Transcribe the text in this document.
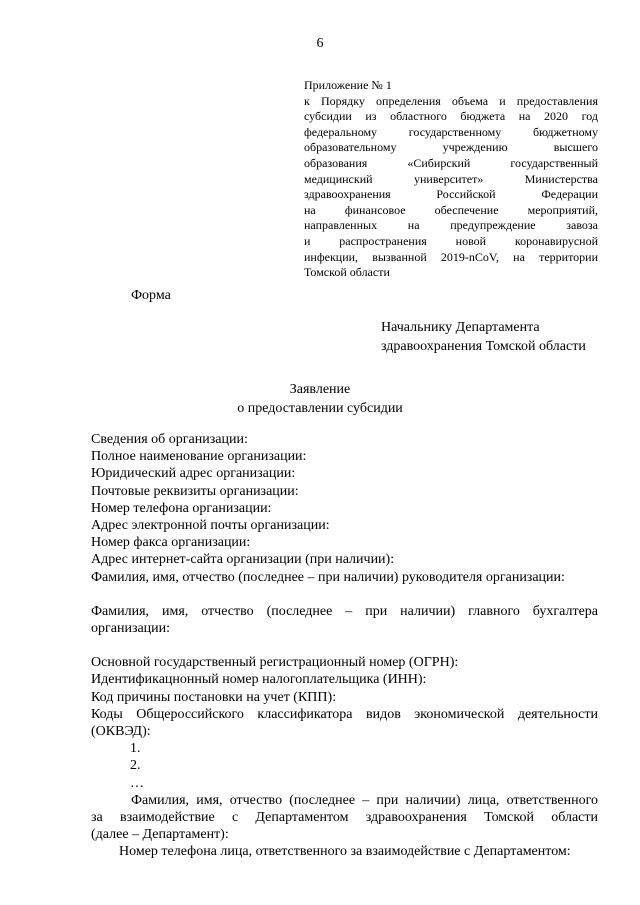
6
Приложение № 1
к Порядку определения объема и предоставления
субсидии из областного бюджета на 2020 год
федеральному государственному бюджетному
образовательному учреждению высшего
образования «Сибирский государственный
медицинский университет» Министерства
здравоохранения Российской Федерации
на финансовое обеспечение мероприятий,
направленных на предупреждение завоза
и распространения новой коронавирусной
инфекции, вызванной 2019-nCoV, на территории
Томской области
Форма
Начальнику Департамента
здравоохранения Томской области
Заявление
о предоставлении субсидии
Сведения об организации:
Полное наименование организации:
Юридический адрес организации:
Почтовые реквизиты организации:
Номер телефона организации:
Адрес электронной почты организации:
Номер факса организации:
Адрес интернет-сайта организации (при наличии):
Фамилия, имя, отчество (последнее – при наличии) руководителя организации:
Фамилия, имя, отчество (последнее – при наличии) главного бухгалтера
организации:
Основной государственный регистрационный номер (ОГРН):
Идентификацнонный номер налогоплательщика (ИНН):
Код причины постановки на учет (КПП):
Коды Общероссийского классификатора видов экономической деятельности
(ОКВЭД):
1.
2.
…
Фамилия, имя, отчество (последнее – при наличии) лица, ответственного
за взаимодействие с Департаментом здравоохранения Томской области
(далее – Департамент):
Номер телефона лица, ответственного за взаимодействие с Департаментом:
